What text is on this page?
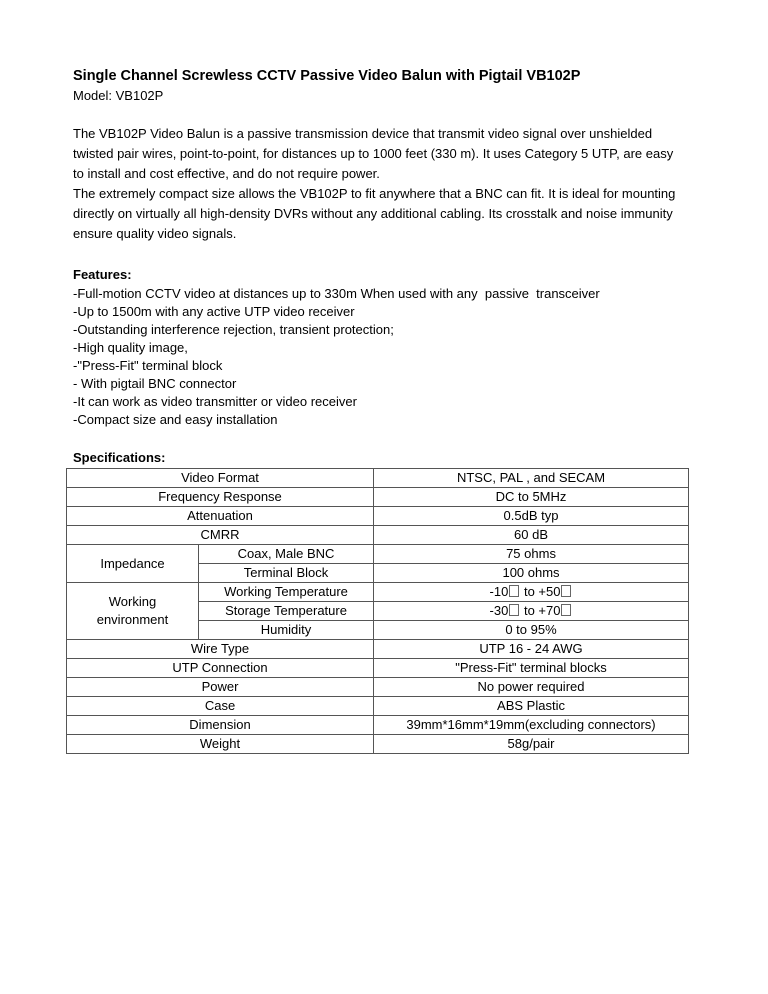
Single Channel Screwless CCTV Passive Video Balun with Pigtail VB102P

Model: VB102P

The VB102P Video Balun is a passive transmission device that transmit video signal over unshielded
twisted pair wires, point-to-point, for distances up to 1000 feet (330 m). It uses Category 5 UTP, are easy
to install and cost effective, and do not require power.

The extremely compact size allows the VB102P to fit anywhere that a BNC can fit. It is ideal for mounting
directly on virtually all high-density DVRs without any additional cabling. Its crosstalk and noise immunity
ensure quality video signals.

Features:

-Full-motion CCTV video at distances up to 330m When used with any  passive  transceiver
-Up to 1500m with any active UTP video receiver
-Outstanding interference rejection, transient protection;
-High quality image,
-"Press-Fit" terminal block
- With pigtail BNC connector
-It can work as video transmitter or video receiver
-Compact size and easy installation

Specifications:

Video Format		NTSC, PAL , and SECAM
Frequency Response		DC to 5MHz
Attenuation		0.5dB typ
CMRR		60 dB
Impedance	Coax, Male BNC	75 ohms
	Terminal Block	100 ohms
Working
environment	Working Temperature	-10 to +50
	Storage Temperature	-30 to +70
	Humidity	0 to 95%
Wire Type		UTP 16 - 24 AWG
UTP Connection		"Press-Fit" terminal blocks
Power		No power required
Case		ABS Plastic
Dimension		39mm*16mm*19mm(excluding connectors)
Weight		58g/pair
